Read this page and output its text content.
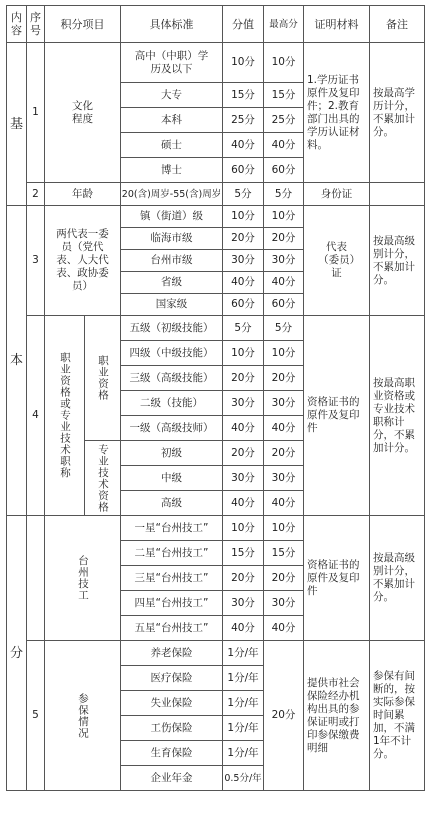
内容	序号	积分项目		具体标准	分值	最高分	证明材料	备注
基	1	文化程度		高中（中职）学历及以下	10分	10分	1.学历证书原件及复印件；2.教育部门出具的学历认证材料。	按最高学历计分，不累加计分。
				大专	15分	15分		
				本科	25分	25分		
				硕士	40分	40分		
				博士	60分	60分		
	2	年龄		20(含)周岁-55(含)周岁	5分	5分	身份证	
本	3	两代表一委员（党代表、人大代表、政协委员）		镇（街道）级	10分	10分	代表（委员）证	按最高级别计分，不累加计分。
				临海市级	20分	20分		
				台州市级	30分	30分		
				省级	40分	40分		
				国家级	60分	60分		
	4	职业资格或专业技术职称	职业资格	五级（初级技能）	5分	5分	资格证书的原件及复印件	按最高职业资格或专业技术职称计分，不累加计分。
				四级（中级技能）	10分	10分		
				三级（高级技能）	20分	20分		
				二级（技能）	30分	30分		
				一级（高级技师）	40分	40分		
			专业技术资格	初级	20分	20分		
				中级	30分	30分		
				高级	40分	40分		
分		台州技工		一星“台州技工”	10分	10分	资格证书的原件及复印件	按最高级别计分，不累加计分。
				二星“台州技工”	15分	15分		
				三星“台州技工”	20分	20分		
				四星“台州技工”	30分	30分		
				五星“台州技工”	40分	40分		
	5	参保情况		养老保险	1分/年	20分	提供市社会保险经办机构出具的参保证明或打印参保缴费明细	参保有间断的，按实际参保时间累加，不满1年不计分。
				医疗保险	1分/年			
				失业保险	1分/年			
				工伤保险	1分/年			
				生育保险	1分/年			
				企业年金	0.5分/年			
